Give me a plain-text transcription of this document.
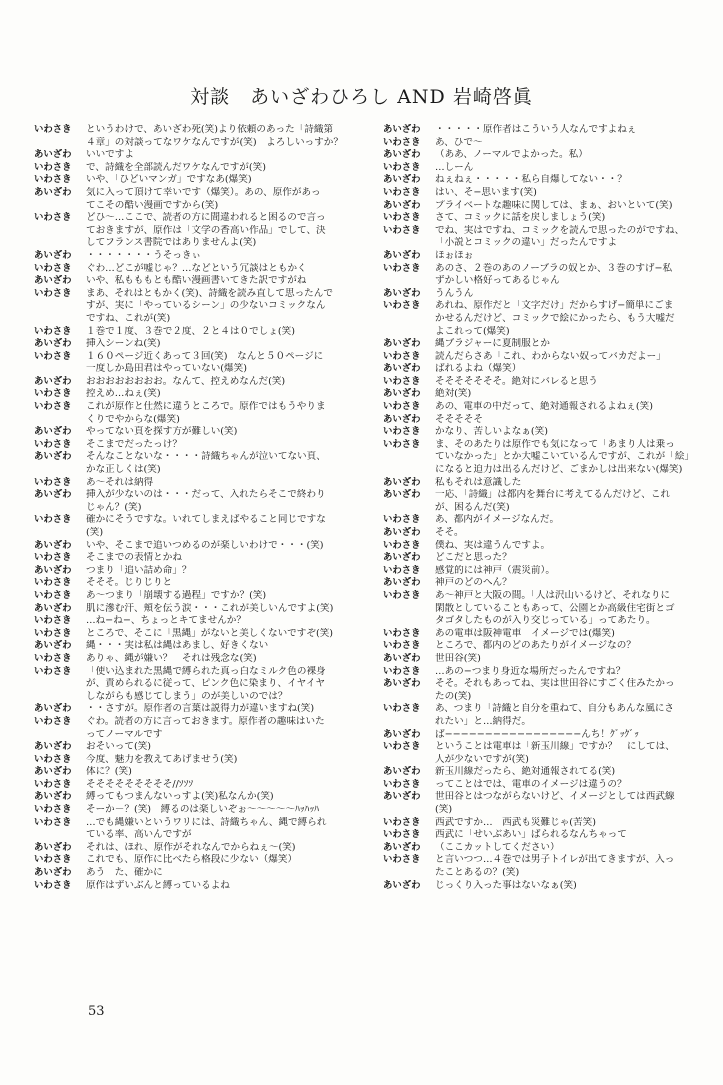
対談　あいざわひろし AND 岩崎啓眞
いわさき	というわけで、あいざわ死(笑)より依頼のあった「詩織第
４章」の対談ってなワケなんですが(笑)　よろしいっすか？
あいざわ	いいですよ
いわさき	で、詩織を全部読んだワケなんですが(笑)
いわさき	いや、「ひどいマンガ」ですなあ(爆笑)
あいざわ	気に入って頂けて幸いです（爆笑）。あの、原作があっ
てこその酷い漫画ですから(笑)
いわさき	どひ〜…ここで、読者の方に間違われると困るので言っ
ておきますが、原作は「文学の香高い作品」でして、決
してフランス書院ではありませんよ(笑)
あいざわ	・・・・・・・うそっきぃ
いわさき	ぐわ…どこが嘘じゃ？…などという冗談はともかく
あいざわ	いや、私もももとも酷い漫画書いてきた訳ですがね
いわさき	まあ、それはともかく(笑)、詩織を読み直して思ったんで
すが、実に「やっているシーン」の少ないコミックなん
ですね、これが(笑)
いわさき	１巻で１度、３巻で２度、２と４は０でしょ(笑)
あいざわ	挿入シーンね(笑)
いわさき	１６０ページ近くあって３回(笑)　なんと５０ページに
一度しか島田君はやっていない(爆笑)
あいざわ	おおおおおおおお。なんて、控えめなんだ(笑)
いわさき	控えめ…ねぇ(笑)
いわさき	これが原作と仕然に違うところで。原作ではもうやりま
くりでやからな(爆笑)
あいざわ	やってない頁を探す方が難しい(笑)
いわさき	そこまでだったっけ？
あいざわ	そんなことないな・・・・詩織ちゃんが泣いてない頁、
かな正しくは(笑)
いわさき	あ〜それは納得
あいざわ	挿入が少ないのは・・・だって、入れたらそこで終わり
じゃん？(笑)
いわさき	確かにそうですな。いれてしまえばやること同じですな
(笑)
あいざわ	いや、そこまで追いつめるのが楽しいわけで・・・(笑)
いわさき	そこまでの表情とかね
あいざわ	つまり「追い詰め命」？
いわさき	そそそ。じりじりと
いわさき	あ〜つまり「崩壊する過程」ですか？(笑)
あいざわ	肌に滲む汗、頬を伝う涙・・・これが美しいんですよ(笑)
いわさき	…ね−ね−、ちょっとキてませんか？
いわさき	ところで、そこに「黒縄」がないと美しくないですぞ(笑)
あいざわ	縄・・・実は私は縄はあまし、好きくない
いわさき	ありゃ、縄が嫌い？　それは残念な(笑)
いわさき	「使い込まれた黒縄で縛られた真っ白なミルク色の裸身
が、責められるに従って、ピンク色に染まり、イヤイヤ
しながらも感じてしまう」のが美しいのでは？
あいざわ	・・さすが。原作者の言葉は説得力が違いますね(笑)
いわさき	ぐわ。読者の方に言っておきます。原作者の趣味はいた
ってノーマルです
あいざわ	おそいって(笑)
いわさき	今度、魅力を教えてあげませう(笑)
あいざわ	体に？(笑)
いわさき	そそそそそそそそそ//ｿｿｿ
あいざわ	縛ってもつまんないっすよ(笑)私なんか(笑)
いわさき	そーか－？(笑)　縛るのは楽しいぞぉ〜〜〜〜〜ﾊｯﾊｯﾊ
いわさき	…でも縄嫌いというワリには、詩織ちゃん、縄で縛られ
ている率、高いんですが
あいざわ	それは、ほれ、原作がそれなんでからねぇ〜(笑)
いわさき	これでも、原作に比べたら格段に少ない（爆笑）
あいざわ	あう　た、確かに
いわさき	原作はずいぶんと縛っているよね
あいざわ	・・・・・原作者はこういう人なんですよねぇ
いわさき	あ、ひで〜
あいざわ	（ああ、ノーマルでよかった。私）
いわさき	…しーん
あいざわ	ねぇねぇ・・・・・私ら自爆してない・・？
いわさき	はい、そ−思います(笑)
あいざわ	プライベートな趣味に関しては、まぁ、おいといて(笑)
いわさき	さて、コミックに話を戻しましょう(笑)
いわさき	でね、実はですね、コミックを読んで思ったのがですね、
「小説とコミックの違い」だったんですよ
あいざわ	ほぉほぉ
いわさき	あのさ、２巻のあのノーブラの奴とか、３巻のすげ−私
ずかしい格好ってあるじゃん
あいざわ	うんうん
いわさき	あれね、原作だと「文字だけ」だからすげ−簡単にごま
かせるんだけど、コミックで絵にかったら、もう大嘘だ
よこれって(爆笑)
あいざわ	縄ブラジャーに夏制服とか
いわさき	読んだらさあ「これ、わからない奴ってバカだよー」
あいざわ	ばれるよね（爆笑）
いわさき	そそそそそそそ。絶対にバレると思う
あいざわ	絶対(笑)
いわさき	あの、電車の中だって、絶対通報されるよねぇ(笑)
あいざわ	そそそそそ
いわさき	かなり、苦しいよなぁ(笑)
いわさき	ま、そのあたりは原作でも気になって「あまり人は乗っ
ていなかった」とか大嘘こいているんですが、これが「絵」
になると迫力は出るんだけど、ごまかしは出来ない(爆笑)
あいざわ	私もそれは意識した
あいざわ	一応、「詩織」は都内を舞台に考えてるんだけど、これ
が、困るんだ(笑)
いわさき	あ、都内がイメージなんだ。
あいざわ	そそ。
いわさき	僕ね、実は違うんですよ。
あいざわ	どこだと思った？
いわさき	感覚的には神戸（震災前）。
あいざわ	神戸のどのへん？
いわさき	あ〜神戸と大阪の間。「人は沢山いるけど、それなりに
閑散としていることもあって、公園とか高級住宅街とゴ
タゴタしたものが入り交じっている」ってあたり。
いわさき	あの電車は阪神電車　イメージでは(爆笑)
いわさき	ところで、都内のどのあたりがイメージなの？
あいざわ	世田谷(笑)
いわさき	…あの−つまり身近な場所だったんですね？
あいざわ	そそ。それもあってね、実は世田谷にすごく住みたかっ
たの(笑)
いわさき	あ、つまり「詩織と自分を重ねて、自分もあんな風にさ
れたい」と…納得だ。
あいざわ	ば−−−−−−−−−−−−−−−−−んち！ｸﾞｯｸﾞｯ
いわさき	ということは電車は「新玉川線」ですか？　にしては、
人が少ないですが(笑)
あいざわ	新玉川線だったら、絶対通報されてる(笑)
いわさき	ってことはでは、電車のイメージは違うの？
あいざわ	世田谷とはつながらないけど、イメージとしては西武線
(笑)
いわさき	西武ですか…　西武も災難じゃ(苦笑)
いわさき	西武に「せいぶあい」ばられるなんちゃって
あいざわ	（ここカットしてください）
いわさき	と言いつつ…４巻では男子トイレが出てきますが、入っ
たことあるの？(笑)
あいざわ	じっくり入った事はないなぁ(笑)
53
